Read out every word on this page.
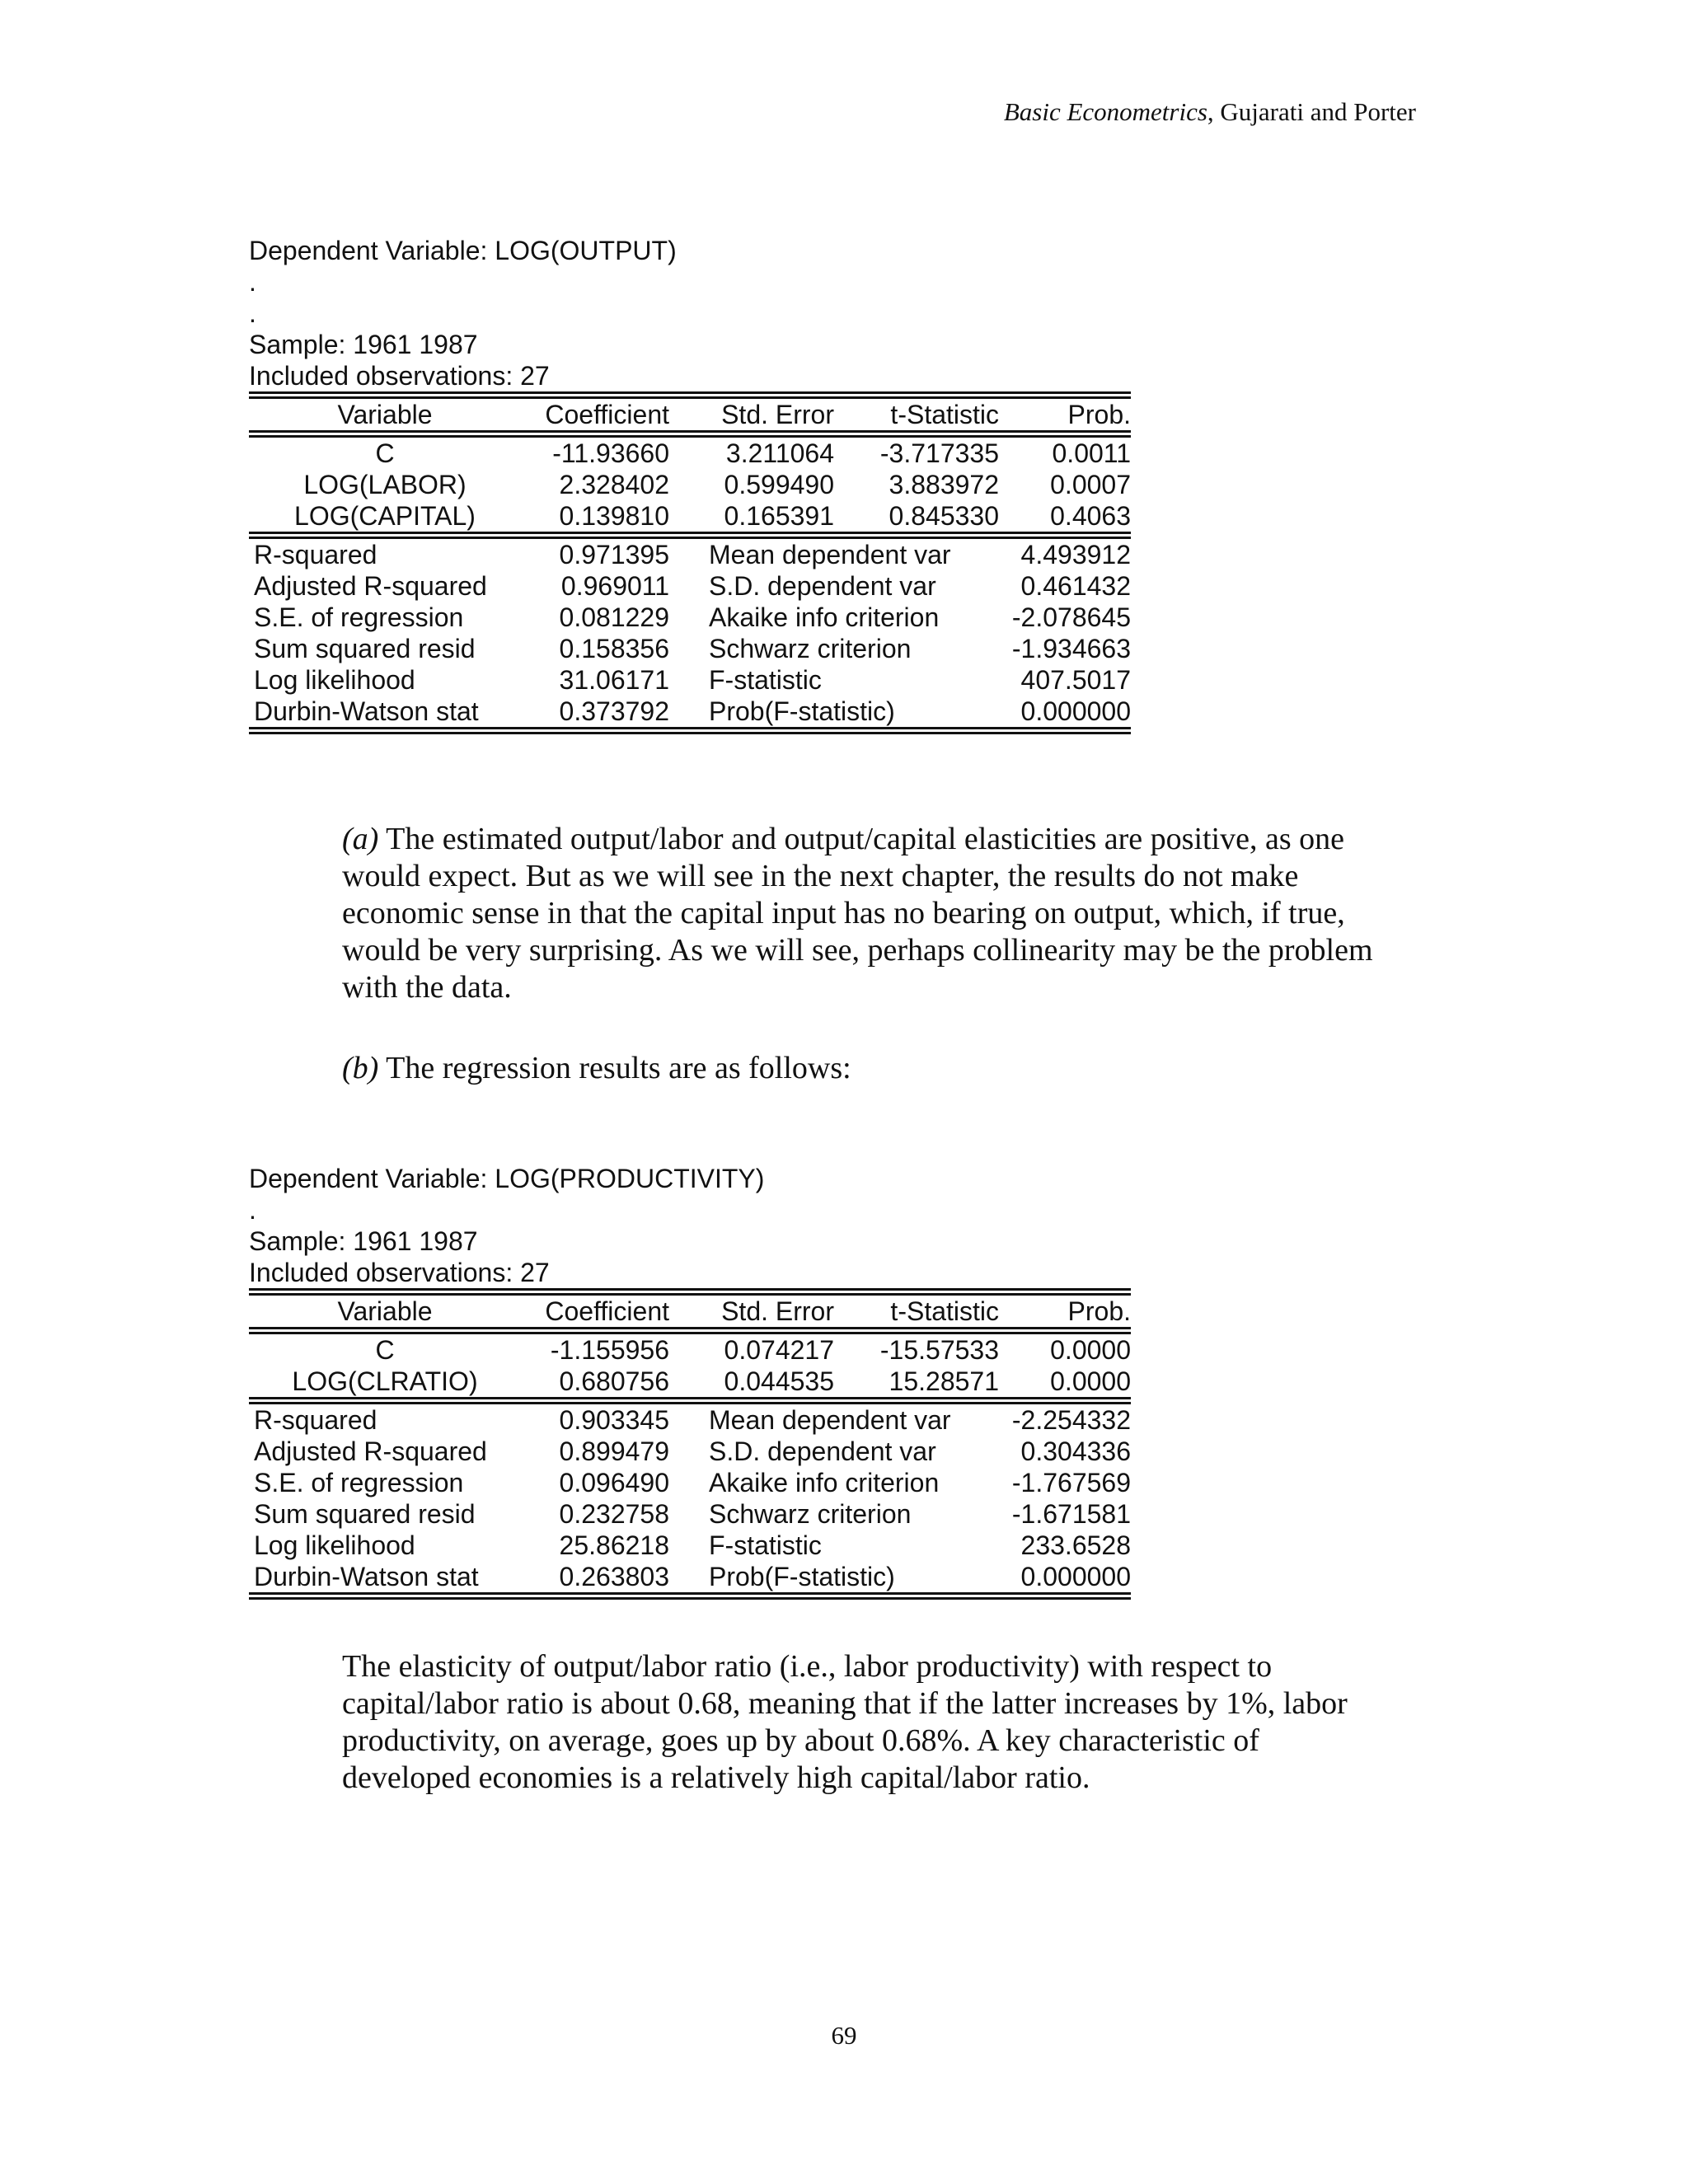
Basic Econometrics, Gujarati and Porter
Dependent Variable: LOG(OUTPUT)
.
.
Sample: 1961 1987
Included observations: 27
Variable	Coefficient	Std. Error	t-Statistic	Prob.
C	-11.93660	3.211064	-3.717335	0.0011
LOG(LABOR)	2.328402	0.599490	3.883972	0.0007
LOG(CAPITAL)	0.139810	0.165391	0.845330	0.4063
R-squared	0.971395	Mean dependent var	4.493912
Adjusted R-squared	0.969011	S.D. dependent var	0.461432
S.E. of regression	0.081229	Akaike info criterion	-2.078645
Sum squared resid	0.158356	Schwarz criterion	-1.934663
Log likelihood	31.06171	F-statistic	407.5017
Durbin-Watson stat	0.373792	Prob(F-statistic)	0.000000
(a) The estimated output/labor and output/capital elasticities are positive, as one would expect. But as we will see in the next chapter, the results do not make economic sense in that the capital input has no bearing on output, which, if true, would be very surprising. As we will see, perhaps collinearity may be the problem with the data.
(b) The regression results are as follows:
Dependent Variable: LOG(PRODUCTIVITY)
.
Sample: 1961 1987
Included observations: 27
Variable	Coefficient	Std. Error	t-Statistic	Prob.
C	-1.155956	0.074217	-15.57533	0.0000
LOG(CLRATIO)	0.680756	0.044535	15.28571	0.0000
R-squared	0.903345	Mean dependent var	-2.254332
Adjusted R-squared	0.899479	S.D. dependent var	0.304336
S.E. of regression	0.096490	Akaike info criterion	-1.767569
Sum squared resid	0.232758	Schwarz criterion	-1.671581
Log likelihood	25.86218	F-statistic	233.6528
Durbin-Watson stat	0.263803	Prob(F-statistic)	0.000000
The elasticity of output/labor ratio (i.e., labor productivity) with respect to capital/labor ratio is about 0.68, meaning that if the latter increases by 1%, labor productivity, on average, goes up by about 0.68%. A key characteristic of developed economies is a relatively high capital/labor ratio.
69
